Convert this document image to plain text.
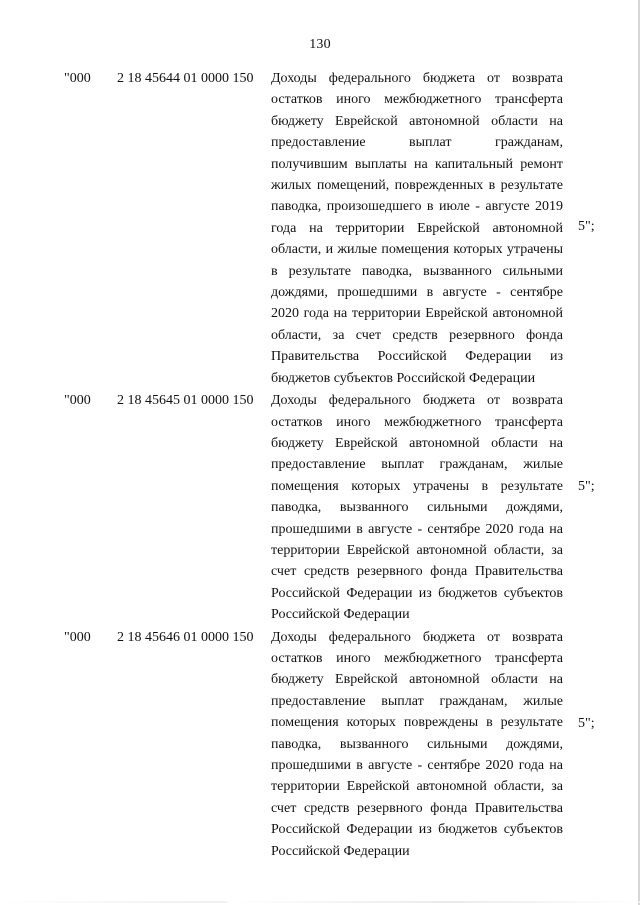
130
"000 2 18 45644 01 0000 150 Доходы федерального бюджета от возврата остатков иного межбюджетного трансферта бюджету Еврейской автономной области на предоставление выплат гражданам, получившим выплаты на капитальный ремонт жилых помещений, поврежденных в результате паводка, произошедшего в июле - августе 2019 года на территории Еврейской автономной области, и жилые помещения которых утрачены в результате паводка, вызванного сильными дождями, прошедшими в августе - сентябре 2020 года на территории Еврейской автономной области, за счет средств резервного фонда Правительства Российской Федерации из бюджетов субъектов Российской Федерации
5";
"000 2 18 45645 01 0000 150 Доходы федерального бюджета от возврата остатков иного межбюджетного трансферта бюджету Еврейской автономной области на предоставление выплат гражданам, жилые помещения которых утрачены в результате паводка, вызванного сильными дождями, прошедшими в августе - сентябре 2020 года на территории Еврейской автономной области, за счет средств резервного фонда Правительства Российской Федерации из бюджетов субъектов Российской Федерации
5";
"000 2 18 45646 01 0000 150 Доходы федерального бюджета от возврата остатков иного межбюджетного трансферта бюджету Еврейской автономной области на предоставление выплат гражданам, жилые помещения которых повреждены в результате паводка, вызванного сильными дождями, прошедшими в августе - сентябре 2020 года на территории Еврейской автономной области, за счет средств резервного фонда Правительства Российской Федерации из бюджетов субъектов Российской Федерации
5";
